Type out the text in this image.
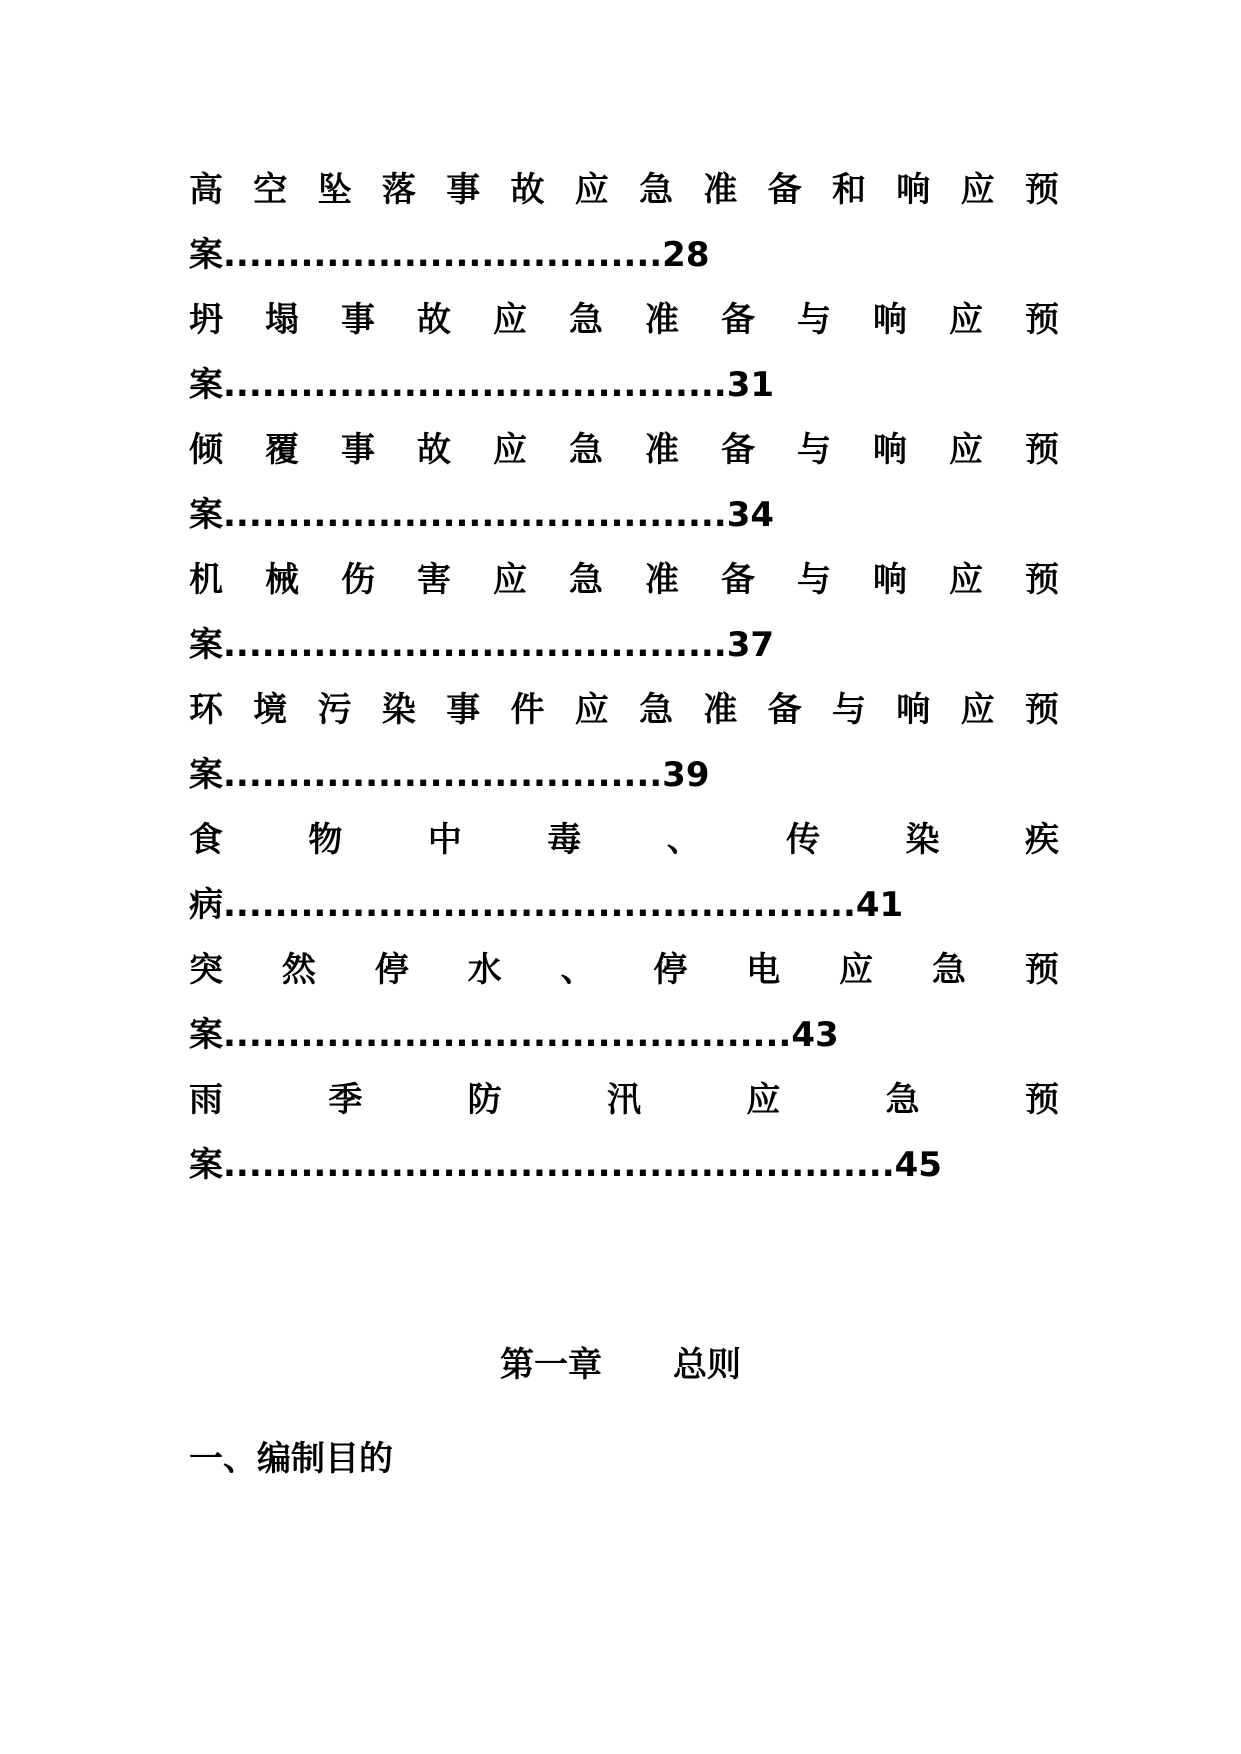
高 空 坠 落 事 故 应 急 准 备 和 响 应 预
案..................................28
坍 塌 事 故 应 急 准 备 与 响 应 预
案.......................................31
倾 覆 事 故 应 急 准 备 与 响 应 预
案.......................................34
机 械 伤 害 应 急 准 备 与 响 应 预
案.......................................37
环 境 污 染 事 件 应 急 准 备 与 响 应 预
案..................................39
食	物	中	毒	、	传	染	疾
病.................................................41
突 然 停 水 、 停 电 应 急 预
案............................................43
雨	季	防	汛	应	急	预
案....................................................45
第一章 总则
一、编制目的
